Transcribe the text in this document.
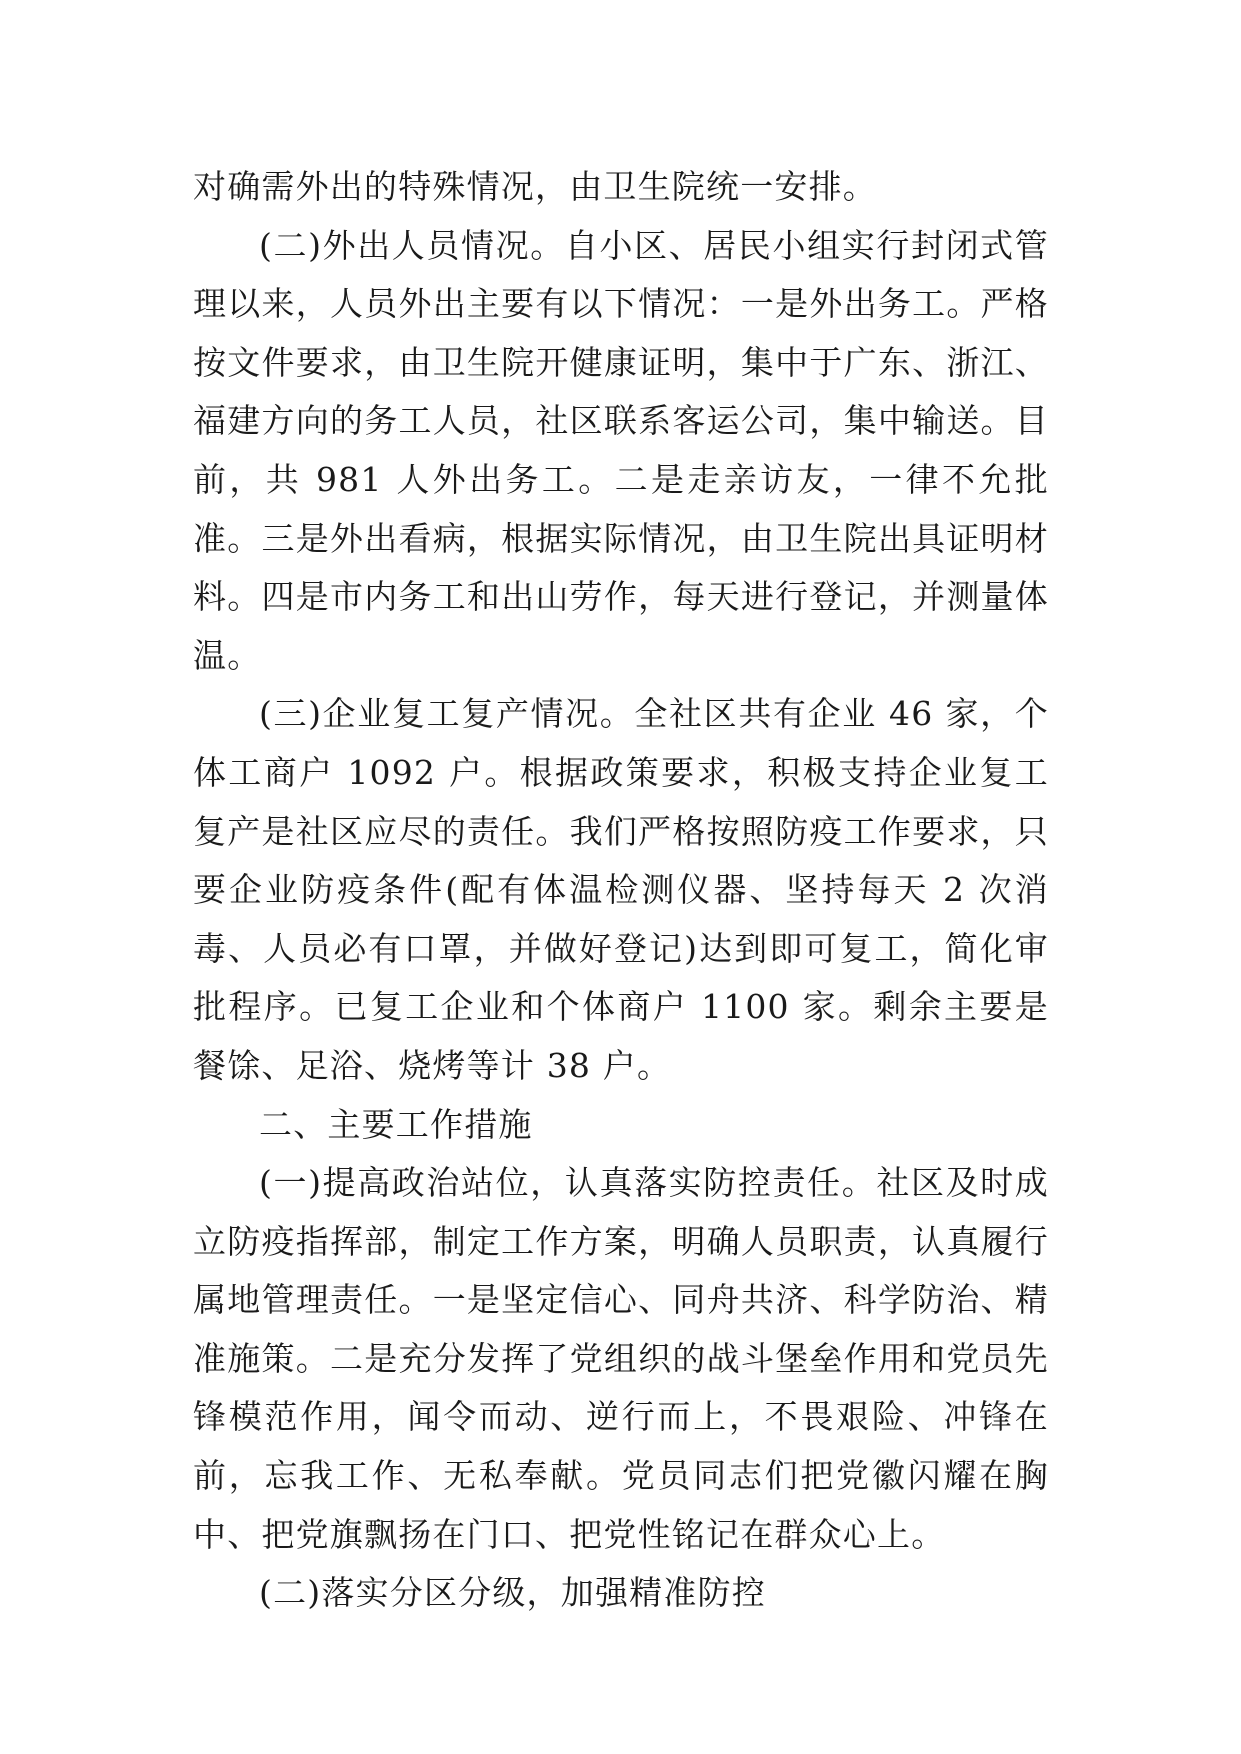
对确需外出的特殊情况，由卫生院统一安排。

(二)外出人员情况。自小区、居民小组实行封闭式管理以来，人员外出主要有以下情况：一是外出务工。严格按文件要求，由卫生院开健康证明，集中于广东、浙江、福建方向的务工人员，社区联系客运公司，集中输送。目前，共 981 人外出务工。二是走亲访友，一律不允批准。三是外出看病，根据实际情况，由卫生院出具证明材料。四是市内务工和出山劳作，每天进行登记，并测量体温。

(三)企业复工复产情况。全社区共有企业 46 家，个体工商户 1092 户。根据政策要求，积极支持企业复工复产是社区应尽的责任。我们严格按照防疫工作要求，只要企业防疫条件(配有体温检测仪器、坚持每天 2 次消毒、人员必有口罩，并做好登记)达到即可复工，简化审批程序。已复工企业和个体商户 1100 家。剩余主要是餐馀、足浴、烧烤等计 38 户。

二、主要工作措施

(一)提高政治站位，认真落实防控责任。社区及时成立防疫指挥部，制定工作方案，明确人员职责，认真履行属地管理责任。一是坚定信心、同舟共济、科学防治、精准施策。二是充分发挥了党组织的战斗堡垒作用和党员先锋模范作用，闻令而动、逆行而上，不畏艰险、冲锋在前，忘我工作、无私奉献。党员同志们把党徽闪耀在胸中、把党旗飘扬在门口、把党性铭记在群众心上。

(二)落实分区分级，加强精准防控
